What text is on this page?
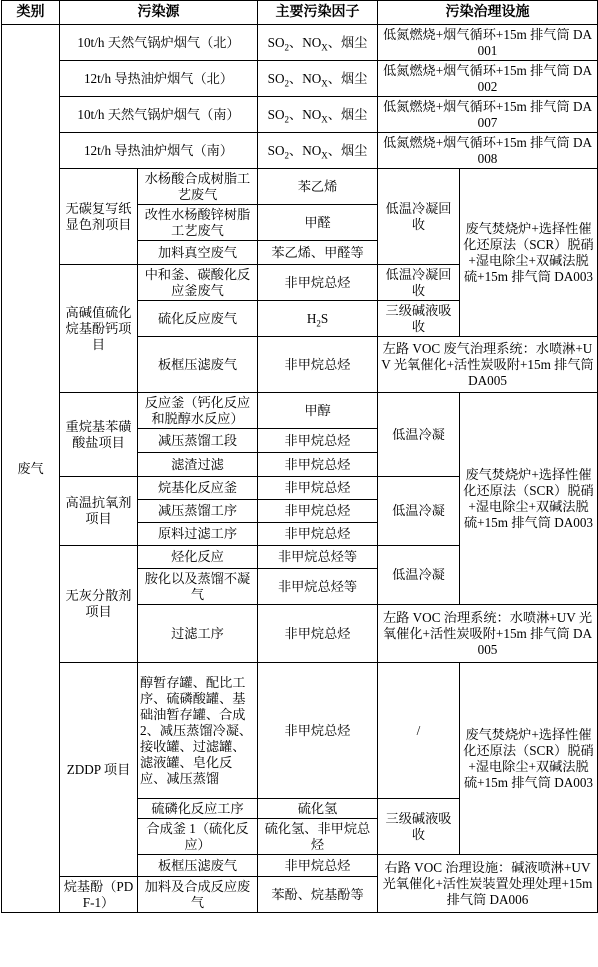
类别	污染源		主要污染因子	污染治理设施	
废气	10t/h 天然气锅炉烟气（北）		$SO_2$、$NO_X$、烟尘	低氮燃烧+烟气循环+15m 排气筒 DA001	
	12t/h 导热油炉烟气（北）		$SO_2$、$NO_X$、烟尘	低氮燃烧+烟气循环+15m 排气筒 DA002	
	10t/h 天然气锅炉烟气（南）		$SO_2$、$NO_X$、烟尘	低氮燃烧+烟气循环+15m 排气筒 DA007	
	12t/h 导热油炉烟气（南）		$SO_2$、$NO_X$、烟尘	低氮燃烧+烟气循环+15m 排气筒 DA008	
	无碳复写纸显色剂项目	水杨酸合成树脂工艺废气	苯乙烯	低温冷凝回收	废气焚烧炉+选择性催化还原法（SCR）脱硝+湿电除尘+双碱法脱硫+15m 排气筒 DA003
		改性水杨酸锌树脂工艺废气	甲醛		
		加料真空废气	苯乙烯、甲醛等		
	高碱值硫化烷基酚钙项目	中和釜、碳酸化反应釜废气	非甲烷总烃	低温冷凝回收	
		硫化反应废气	$H_2S$	三级碱液吸收	
		板框压滤废气	非甲烷总烃	左路 VOC 废气治理系统：水喷淋+UV 光氧催化+活性炭吸附+15m 排气筒 DA005	
	重烷基苯磺酸盐项目	反应釜（钙化反应和脱醇水反应）	甲醇	低温冷凝	废气焚烧炉+选择性催化还原法（SCR）脱硝+湿电除尘+双碱法脱硫+15m 排气筒 DA003
		减压蒸馏工段	非甲烷总烃		
		滤渣过滤	非甲烷总烃		
	高温抗氧剂项目	烷基化反应釜	非甲烷总烃	低温冷凝	
		减压蒸馏工序	非甲烷总烃		
		原料过滤工序	非甲烷总烃		
	无灰分散剂项目	烃化反应	非甲烷总烃等	低温冷凝	
		胺化以及蒸馏不凝气	非甲烷总烃等		
		过滤工序	非甲烷总烃	左路 VOC 治理系统：水喷淋+UV 光氧催化+活性炭吸附+15m 排气筒 DA005	
	ZDDP 项目	醇暂存罐、配比工序、硫磷酸罐、基础油暂存罐、合成2、减压蒸馏冷凝、接收罐、过滤罐、滤液罐、皂化反应、减压蒸馏	非甲烷总烃	/	废气焚烧炉+选择性催化还原法（SCR）脱硝+湿电除尘+双碱法脱硫+15m 排气筒 DA003
		硫磷化反应工序	硫化氢	三级碱液吸收	
		合成釜 1（硫化反应）	硫化氢、非甲烷总烃		
		板框压滤废气	非甲烷总烃	右路 VOC 治理设施：碱液喷淋+UV 光氧催化+活性炭装置处理处理+15m 排气筒 DA006	
	烷基酚（PDF-1）	加料及合成反应废气	苯酚、烷基酚等		
